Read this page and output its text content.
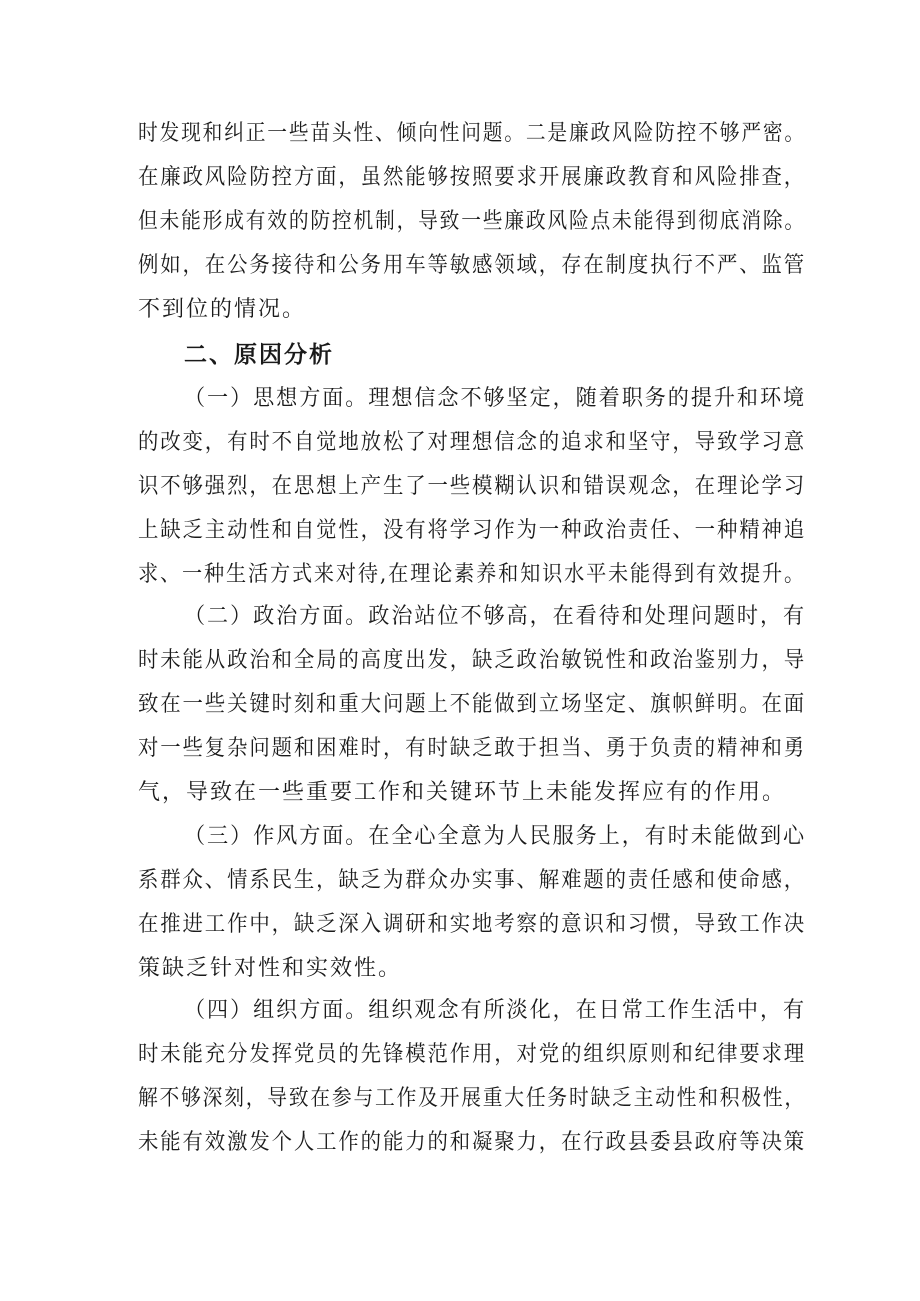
时发现和纠正一些苗头性、倾向性问题。二是廉政风险防控不够严密。
在廉政风险防控方面，虽然能够按照要求开展廉政教育和风险排查，
但未能形成有效的防控机制，导致一些廉政风险点未能得到彻底消除。
例如，在公务接待和公务用车等敏感领域，存在制度执行不严、监管
不到位的情况。
二、原因分析
（一）思想方面。理想信念不够坚定，随着职务的提升和环境
的改变，有时不自觉地放松了对理想信念的追求和坚守，导致学习意
识不够强烈，在思想上产生了一些模糊认识和错误观念，在理论学习
上缺乏主动性和自觉性，没有将学习作为一种政治责任、一种精神追
求、一种生活方式来对待,在理论素养和知识水平未能得到有效提升。
（二）政治方面。政治站位不够高，在看待和处理问题时，有
时未能从政治和全局的高度出发，缺乏政治敏锐性和政治鉴别力，导
致在一些关键时刻和重大问题上不能做到立场坚定、旗帜鲜明。在面
对一些复杂问题和困难时，有时缺乏敢于担当、勇于负责的精神和勇
气，导致在一些重要工作和关键环节上未能发挥应有的作用。
（三）作风方面。在全心全意为人民服务上，有时未能做到心
系群众、情系民生，缺乏为群众办实事、解难题的责任感和使命感，
在推进工作中，缺乏深入调研和实地考察的意识和习惯，导致工作决
策缺乏针对性和实效性。
（四）组织方面。组织观念有所淡化，在日常工作生活中，有
时未能充分发挥党员的先锋模范作用，对党的组织原则和纪律要求理
解不够深刻，导致在参与工作及开展重大任务时缺乏主动性和积极性，
未能有效激发个人工作的能力的和凝聚力，在行政县委县政府等决策
